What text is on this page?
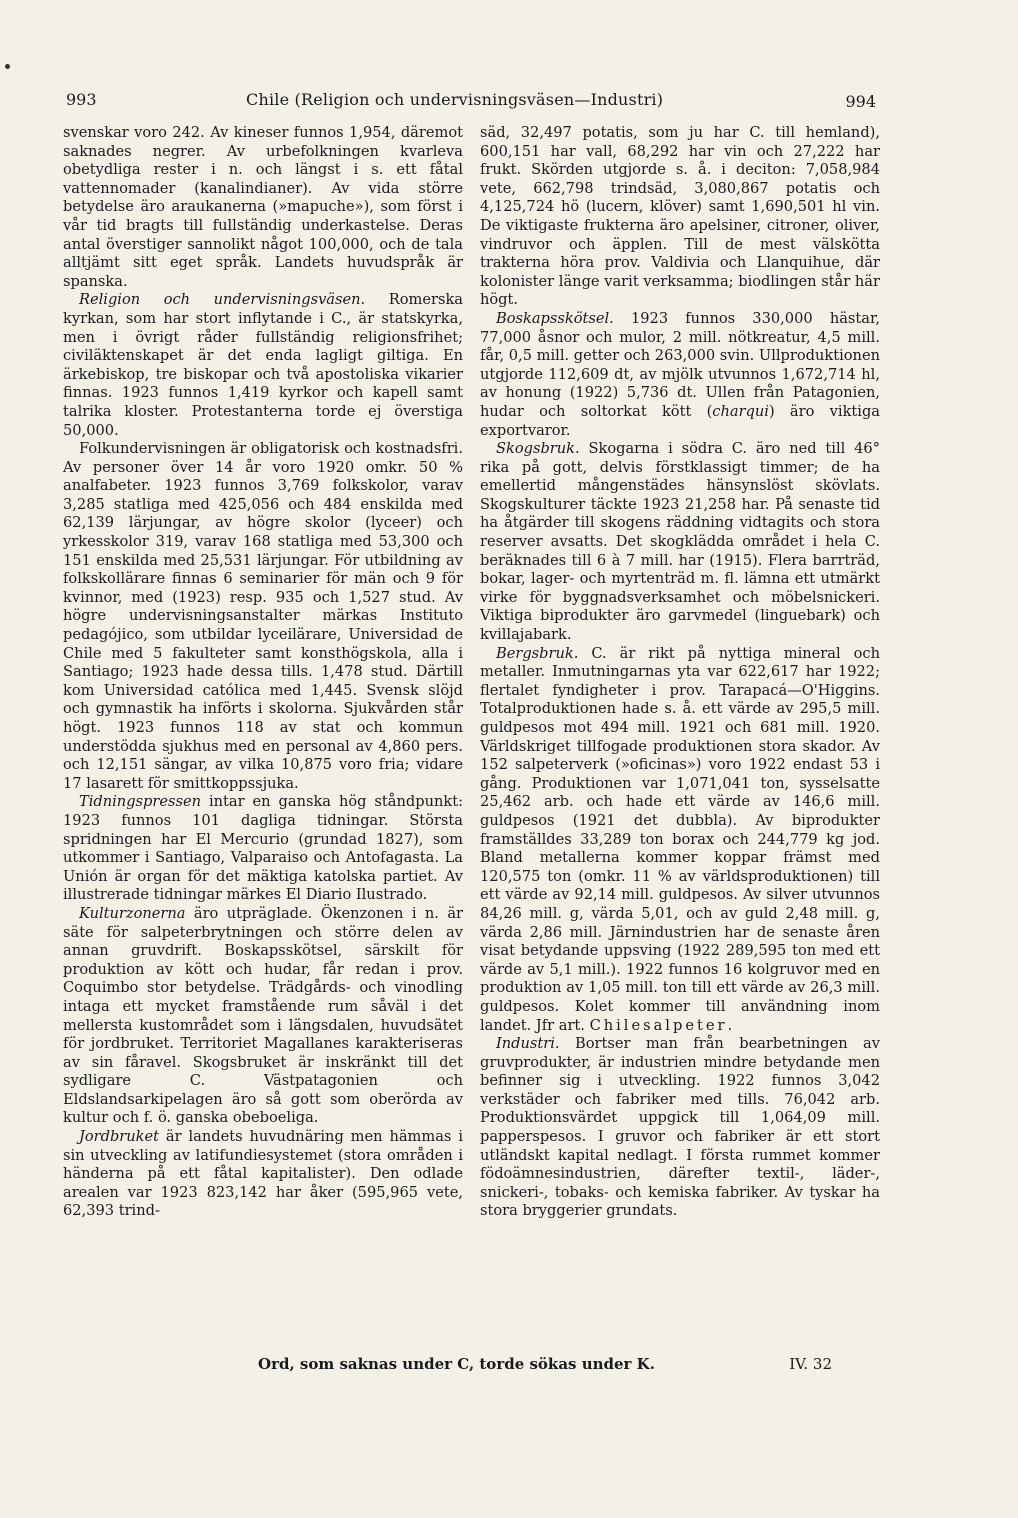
993	Chile (Religion och undervisningsväsen—Industri)	994

svenskar voro 242. Av kineser funnos 1,954, däremot saknades negrer. Av urbefolkningen kvarleva obetydliga rester i n. och längst i s. ett fåtal vattennomader (kanalindianer). Av vida större betydelse äro araukanerna (»mapuche»), som först i vår tid bragts till fullständig underkastelse. Deras antal överstiger sannolikt något 100,000, och de tala alltjämt sitt eget språk. Landets huvudspråk är spanska.

Religion och undervisningsväsen. Romerska kyrkan, som har stort inflytande i C., är statskyrka, men i övrigt råder fullständig religionsfrihet; civiläktenskapet är det enda lagligt giltiga. En ärkebiskop, tre biskopar och två apostoliska vikarier finnas. 1923 funnos 1,419 kyrkor och kapell samt talrika kloster. Protestanterna torde ej överstiga 50,000.

Folkundervisningen är obligatorisk och kostnadsfri. Av personer över 14 år voro 1920 omkr. 50 % analfabeter. 1923 funnos 3,769 folkskolor, varav 3,285 statliga med 425,056 och 484 enskilda med 62,139 lärjungar, av högre skolor (lyceer) och yrkesskolor 319, varav 168 statliga med 53,300 och 151 enskilda med 25,531 lärjungar. För utbildning av folkskollärare finnas 6 seminarier för män och 9 för kvinnor, med (1923) resp. 935 och 1,527 stud. Av högre undervisningsanstalter märkas Instituto pedagójico, som utbildar lyceilärare, Universidad de Chile med 5 fakulteter samt konsthögskola, alla i Santiago; 1923 hade dessa tills. 1,478 stud. Därtill kom Universidad católica med 1,445. Svensk slöjd och gymnastik ha införts i skolorna. Sjukvården står högt. 1923 funnos 118 av stat och kommun understödda sjukhus med en personal av 4,860 pers. och 12,151 sängar, av vilka 10,875 voro fria; vidare 17 lasarett för smittkoppssjuka.

Tidningspressen intar en ganska hög ståndpunkt: 1923 funnos 101 dagliga tidningar. Största spridningen har El Mercurio (grundad 1827), som utkommer i Santiago, Valparaiso och Antofagasta. La Unión är organ för det mäktiga katolska partiet. Av illustrerade tidningar märkes El Diario Ilustrado.

Kulturzonerna äro utpräglade. Ökenzonen i n. är säte för salpeterbrytningen och större delen av annan gruvdrift. Boskapsskötsel, särskilt för produktion av kött och hudar, får redan i prov. Coquimbo stor betydelse. Trädgårds- och vinodling intaga ett mycket framstående rum såväl i det mellersta kustområdet som i längsdalen, huvudsätet för jordbruket. Territoriet Magallanes karakteriseras av sin fåravel. Skogsbruket är inskränkt till det sydligare C. Västpatagonien och Eldslandsarkipelagen äro så gott som oberörda av kultur och f. ö. ganska obeboeliga.

Jordbruket är landets huvudnäring men hämmas i sin utveckling av latifundiesystemet (stora områden i händerna på ett fåtal kapitalister). Den odlade arealen var 1923 823,142 har åker (595,965 vete, 62,393 trind-

säd, 32,497 potatis, som ju har C. till hemland), 600,151 har vall, 68,292 har vin och 27,222 har frukt. Skörden utgjorde s. å. i deciton: 7,058,984 vete, 662,798 trindsäd, 3,080,867 potatis och 4,125,724 hö (lucern, klöver) samt 1,690,501 hl vin. De viktigaste frukterna äro apelsiner, citroner, oliver, vindruvor och äpplen. Till de mest välskötta trakterna höra prov. Valdivia och Llanquihue, där kolonister länge varit verksamma; biodlingen står här högt.

Boskapsskötsel. 1923 funnos 330,000 hästar, 77,000 åsnor och mulor, 2 mill. nötkreatur, 4,5 mill. får, 0,5 mill. getter och 263,000 svin. Ullproduktionen utgjorde 112,609 dt, av mjölk utvunnos 1,672,714 hl, av honung (1922) 5,736 dt. Ullen från Patagonien, hudar och soltorkat kött (charqui) äro viktiga exportvaror.

Skogsbruk. Skogarna i södra C. äro ned till 46° rika på gott, delvis förstklassigt timmer; de ha emellertid mångenstädes hänsynslöst skövlats. Skogskulturer täckte 1923 21,258 har. På senaste tid ha åtgärder till skogens räddning vidtagits och stora reserver avsatts. Det skogklädda området i hela C. beräknades till 6 à 7 mill. har (1915). Flera barrträd, bokar, lager- och myrtenträd m. fl. lämna ett utmärkt virke för byggnadsverksamhet och möbelsnickeri. Viktiga biprodukter äro garvmedel (linguebark) och kvillajabark.

Bergsbruk. C. är rikt på nyttiga mineral och metaller. Inmutningarnas yta var 622,617 har 1922; flertalet fyndigheter i prov. Tarapacá—O'Higgins. Totalproduktionen hade s. å. ett värde av 295,5 mill. guldpesos mot 494 mill. 1921 och 681 mill. 1920. Världskriget tillfogade produktionen stora skador. Av 152 salpeterverk (»oficinas») voro 1922 endast 53 i gång. Produktionen var 1,071,041 ton, sysselsatte 25,462 arb. och hade ett värde av 146,6 mill. guldpesos (1921 det dubbla). Av biprodukter framställdes 33,289 ton borax och 244,779 kg jod. Bland metallerna kommer koppar främst med 120,575 ton (omkr. 11 % av världsproduktionen) till ett värde av 92,14 mill. guldpesos. Av silver utvunnos 84,26 mill. g, värda 5,01, och av guld 2,48 mill. g, värda 2,86 mill. Järnindustrien har de senaste åren visat betydande uppsving (1922 289,595 ton med ett värde av 5,1 mill.). 1922 funnos 16 kolgruvor med en produktion av 1,05 mill. ton till ett värde av 26,3 mill. guldpesos. Kolet kommer till användning inom landet. Jfr art. Chilesalpeter.

Industri. Bortser man från bearbetningen av gruvprodukter, är industrien mindre betydande men befinner sig i utveckling. 1922 funnos 3,042 verkstäder och fabriker med tills. 76,042 arb. Produktionsvärdet uppgick till 1,064,09 mill. papperspesos. I gruvor och fabriker är ett stort utländskt kapital nedlagt. I första rummet kommer födoämnesindustrien, därefter textil-, läder-, snickeri-, tobaks- och kemiska fabriker. Av tyskar ha stora bryggerier grundats.

Ord, som saknas under C, torde sökas under K.	IV. 32
